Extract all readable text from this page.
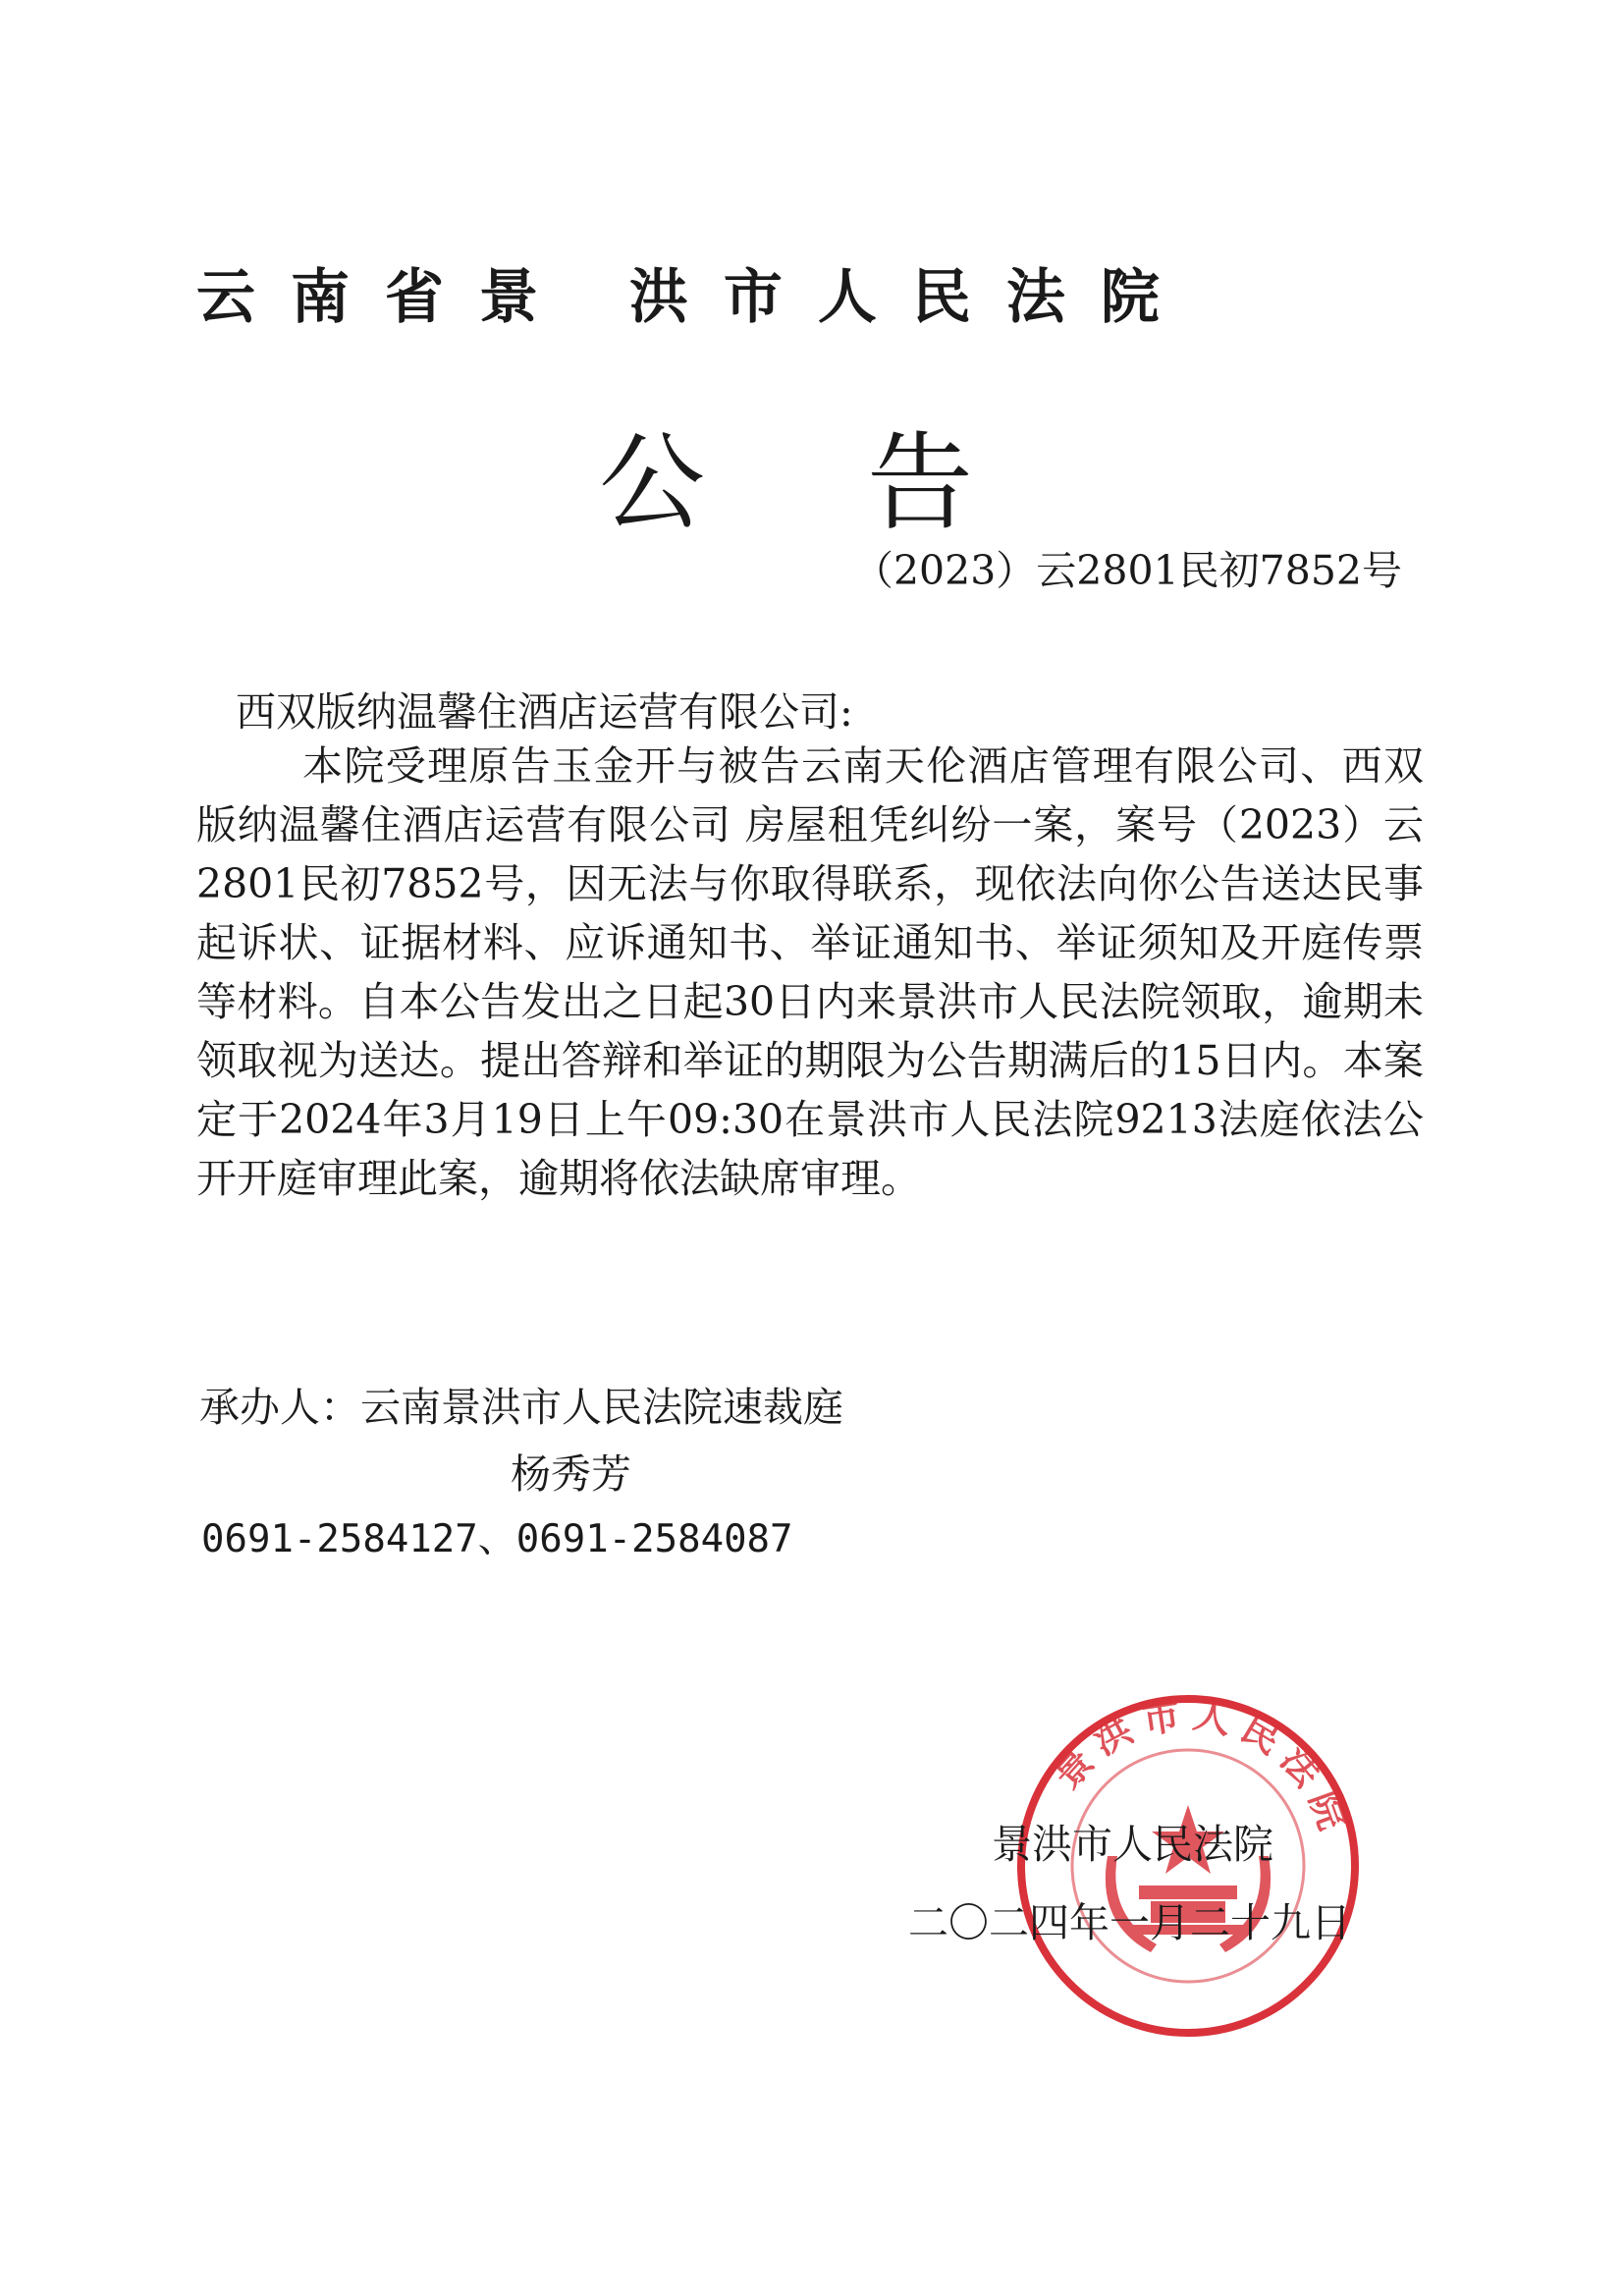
云南省景 洪市人民法院
公告
（2023）云2801民初7852号
西双版纳温馨住酒店运营有限公司:
本院受理原告玉金开与被告云南天伦酒店管理有限公司、西双版纳温馨住酒店运营有限公司 房屋租凭纠纷一案，案号（2023）云2801民初7852号，因无法与你取得联系，现依法向你公告送达民事起诉状、证据材料、应诉通知书、举证通知书、举证须知及开庭传票等材料。自本公告发出之日起30日内来景洪市人民法院领取，逾期未领取视为送达。提出答辩和举证的期限为公告期满后的15日内。本案定于2024年3月19日上午09:30在景洪市人民法院9213法庭依法公开开庭审理此案，逾期将依法缺席审理。
承办人：云南景洪市人民法院速裁庭
杨秀芳
0691-2584127、0691-2584087
景洪市人民法院
景洪市人民法院
二〇二四年一月二十九日
